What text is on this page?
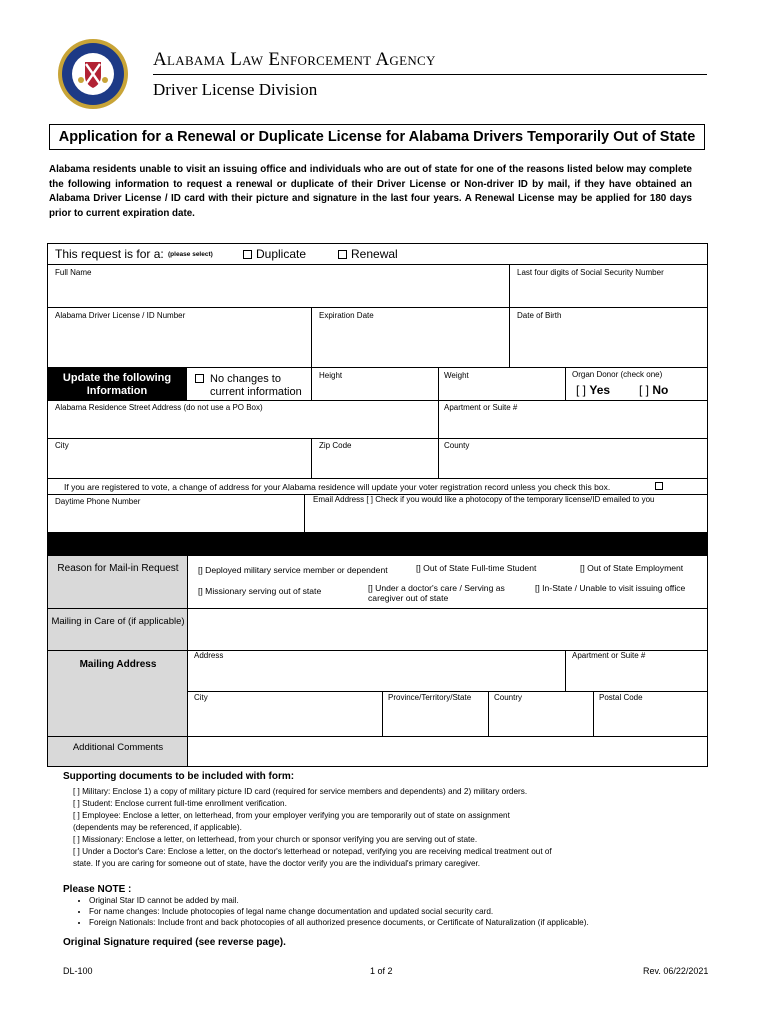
Alabama Law Enforcement Agency
Driver License Division
Application for a Renewal or Duplicate License for Alabama Drivers Temporarily Out of State
Alabama residents unable to visit an issuing office and individuals who are out of state for one of the reasons listed below may complete the following information to request a renewal or duplicate of their Driver License or Non-driver ID by mail, if they have obtained an Alabama Driver License / ID card with their picture and signature in the last four years. A Renewal License may be applied for 180 days prior to current expiration date.
This request is for a: (please select)	Duplicate	Renewal
Full Name	Last four digits of Social Security Number
Alabama Driver License / ID Number	Expiration Date	Date of Birth
Update the following Information
No changes to current information
Height	Weight	Organ Donor (check one)
[ ] Yes [ ] No
Alabama Residence Street Address (do not use a PO Box)	Apartment or Suite #
City	Zip Code	County
If you are registered to vote, a change of address for your Alabama residence will update your voter registration record unless you check this box.
Daytime Phone Number	Email Address [ ] Check if you would like a photocopy of the temporary license/ID emailed to you
Reason for Mail-in Request	[] Deployed military service member or dependent	[] Out of State Full-time Student	[] Out of State Employment
[] Missionary serving out of state	[] Under a doctor's care / Serving as caregiver out of state
[] In-State / Unable to visit issuing office
Mailing in Care of (if applicable)
Mailing Address
Address	Apartment or Suite #
City	Province/Territory/State	Country	Postal Code
Additional Comments
Supporting documents to be included with form:
[ ] Military: Enclose 1) a copy of military picture ID card (required for service members and dependents) and 2) military orders.
[ ] Student: Enclose current full-time enrollment verification.
[ ] Employee: Enclose a letter, on letterhead, from your employer verifying you are temporarily out of state on assignment
(dependents may be referenced, if applicable).
[ ] Missionary: Enclose a letter, on letterhead, from your church or sponsor verifying you are serving out of state.
[ ] Under a Doctor's Care: Enclose a letter, on the doctor's letterhead or notepad, verifying you are receiving medical treatment out of
state. If you are caring for someone out of state, have the doctor verify you are the individual's primary caregiver.
Please NOTE :
• Original Star ID cannot be added by mail.
• For name changes: Include photocopies of legal name change documentation and updated social security card.
• Foreign Nationals: Include front and back photocopies of all authorized presence documents, or Certificate of Naturalization (if applicable).
Original Signature required (see reverse page).
DL-100	1 of 2	Rev. 06/22/2021
